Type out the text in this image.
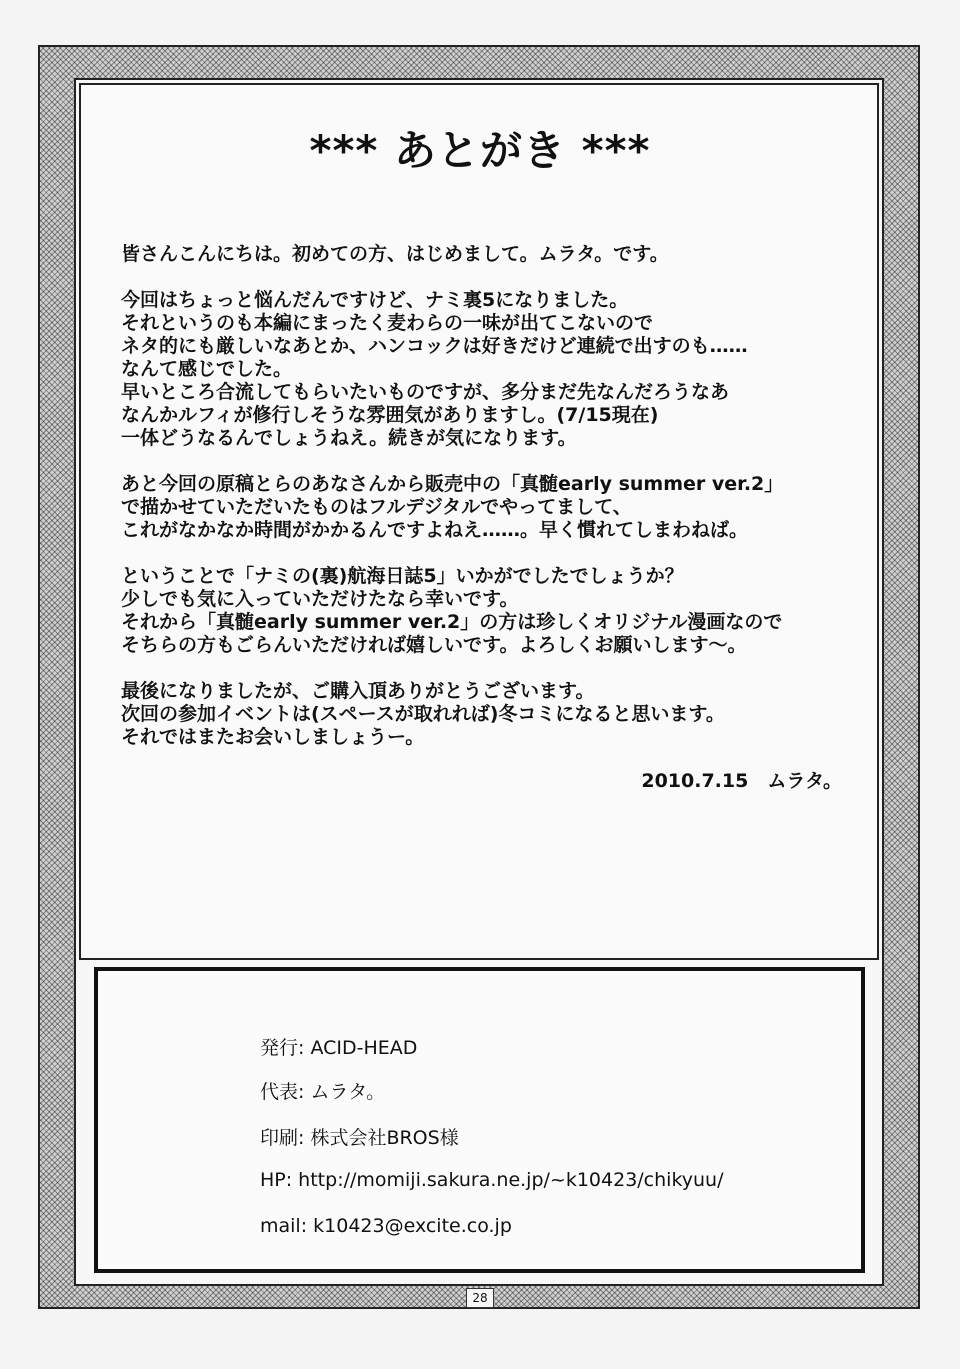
*** あとがき ***
皆さんこんにちは。初めての方、はじめまして。ムラタ。です。
今回はちょっと悩んだんですけど、ナミ裏5になりました。
それというのも本編にまったく麦わらの一味が出てこないので
ネタ的にも厳しいなあとか、ハンコックは好きだけど連続で出すのも……
なんて感じでした。
早いところ合流してもらいたいものですが、多分まだ先なんだろうなあ
なんかルフィが修行しそうな雰囲気がありますし。(7/15現在)
一体どうなるんでしょうねえ。続きが気になります。
あと今回の原稿とらのあなさんから販売中の「真髄early summer ver.2」
で描かせていただいたものはフルデジタルでやってまして、
これがなかなか時間がかかるんですよねえ……。早く慣れてしまわねば。
ということで「ナミの(裏)航海日誌5」いかがでしたでしょうか？
少しでも気に入っていただけたなら幸いです。
それから「真髄early summer ver.2」の方は珍しくオリジナル漫画なので
そちらの方もごらんいただければ嬉しいです。よろしくお願いします～。
最後になりましたが、ご購入頂ありがとうございます。
次回の参加イベントは(スペースが取れれば)冬コミになると思います。
それではまたお会いしましょうー。
2010.7.15　ムラタ。
発行: ACID-HEAD
代表: ムラタ。
印刷: 株式会社BROS様
HP: http://momiji.sakura.ne.jp/~k10423/chikyuu/
mail: k10423@excite.co.jp
28
